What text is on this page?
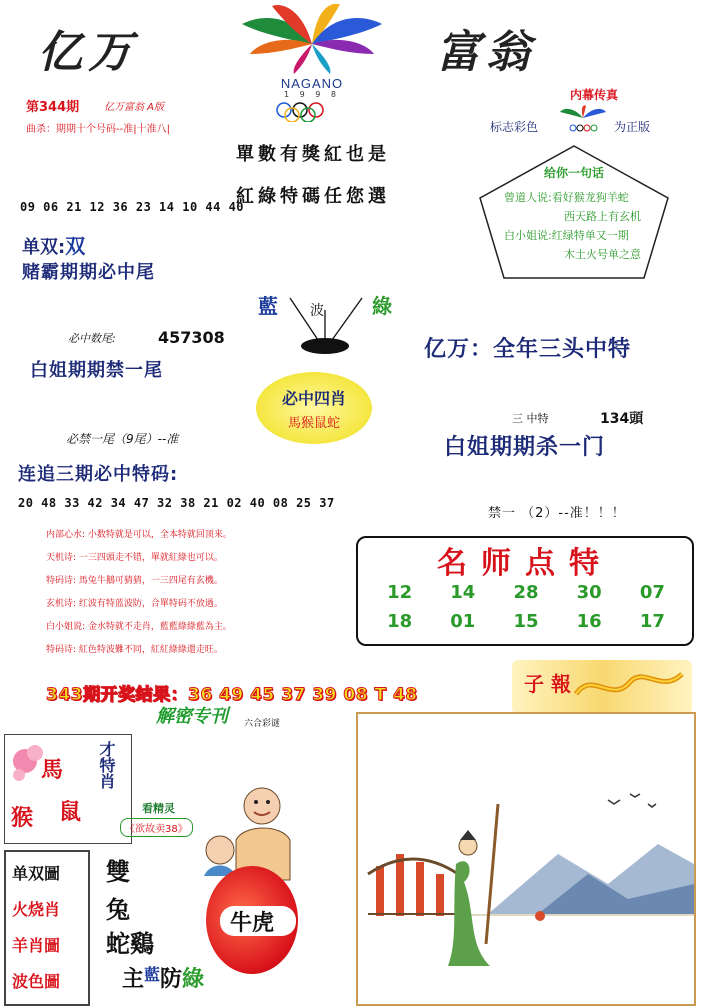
亿万	富翁
NAGANO
1 9 9 8
第344期 亿万富翁 A版
曲杀：期期十个号码--准|十准八|
單數有獎紅也是
紅綠特碼任您選
内幕传真
标志彩色	为正版
给你一句话
曾道人说:看好猴龙狗羊蛇
西天路上有玄机
白小姐说:红绿特单又一期
木土火号单之意
09 06 21 12 36 23 14 10 44 40
单双:双
赌霸期期必中尾
藍 波 綠
必中数尾:	457308
白姐期期禁一尾
亿万：全年三头中特
必中四肖
馬猴鼠蛇	三 中特	134頭
必禁一尾（9尾）--准	白姐期期杀一门
连追三期必中特码:
20 48 33 42 34 47 32 38 21 02 40 08 25 37
禁一 （2）--准！！！
内部心水: 小数特就是可以，全本特就回顶来。
天机诗: 一三四頭走不错，單就紅綠也可以。
特码诗: 馬兔牛鵝可猜猜，一三四尾有玄機。
玄机诗: 红波有特蓝波防，合單特码不放過。
白小姐说: 金水特就不走肖，藍藍綠綠藍為主。
特码诗: 紅色特波難不同，紅紅綠綠還走旺。
名师点特
12	14	28	30	07
18	01	15	16	17
343期开奖结果：36 49 45 37 39 08 T 48
解密专刊 六合彩谜
子 報
馬
猴 鼠
才特肖
看精灵
《欲故卖38》
单双圖
火烧肖
羊肖圖
波色圖
雙
兔
蛇鷄
牛虎
主$^藍$防綠
